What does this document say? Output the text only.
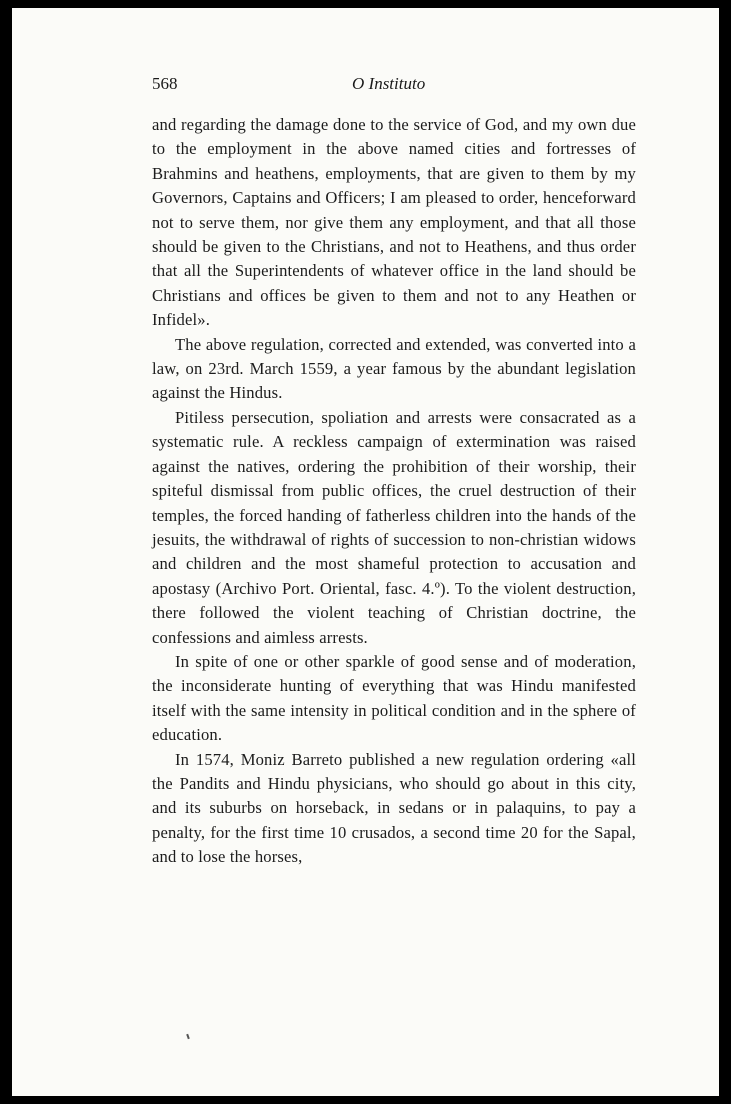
568	O Instituto

and regarding the damage done to the service of God, and my own due to the employment in the above named cities and fortresses of Brahmins and heathens, employments, that are given to them by my Governors, Captains and Officers; I am pleased to order, henceforward not to serve them, nor give them any employment, and that all those should be given to the Christians, and not to Heathens, and thus order that all the Superintendents of whatever office in the land should be Christians and offices be given to them and not to any Heathen or Infidel».

The above regulation, corrected and extended, was converted into a law, on 23rd. March 1559, a year famous by the abundant legislation against the Hindus.

Pitiless persecution, spoliation and arrests were consacrated as a systematic rule. A reckless campaign of extermination was raised against the natives, ordering the prohibition of their worship, their spiteful dismissal from public offices, the cruel destruction of their temples, the forced handing of fatherless children into the hands of the jesuits, the withdrawal of rights of succession to non-christian widows and children and the most shameful protection to accusation and apostasy (Archivo Port. Oriental, fasc. 4.º). To the violent destruction, there followed the violent teaching of Christian doctrine, the confessions and aimless arrests.

In spite of one or other sparkle of good sense and of moderation, the inconsiderate hunting of everything that was Hindu manifested itself with the same intensity in political condition and in the sphere of education.

In 1574, Moniz Barreto published a new regulation ordering «all the Pandits and Hindu physicians, who should go about in this city, and its suburbs on horseback, in sedans or in palaquins, to pay a penalty, for the first time 10 crusados, a second time 20 for the Sapal, and to lose the horses,
